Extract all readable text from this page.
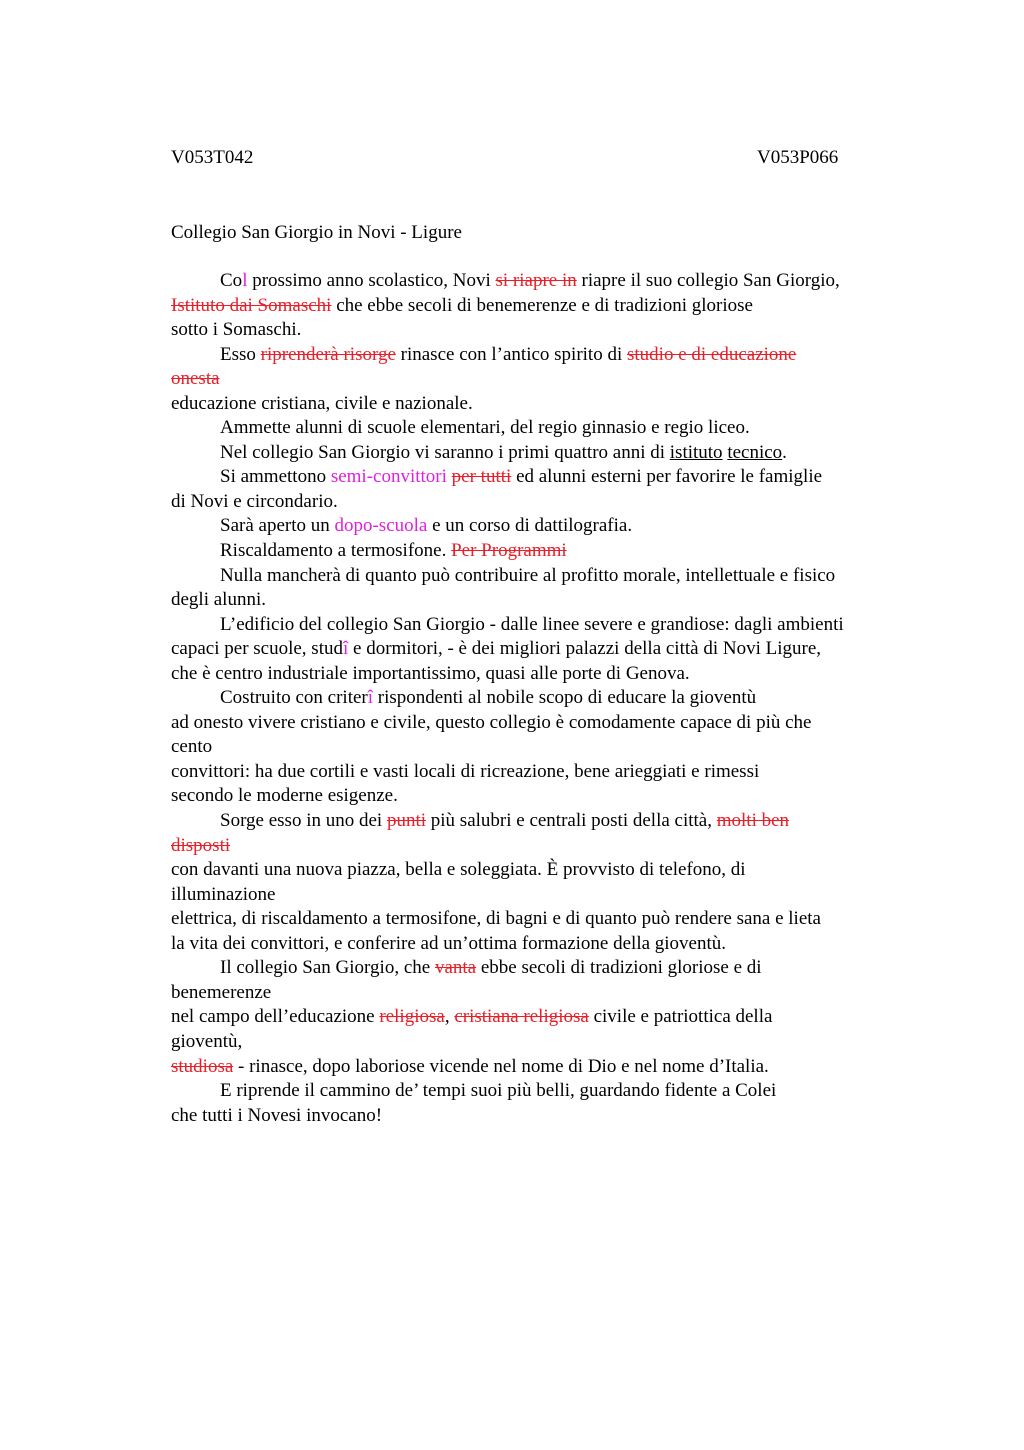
V053T042	V053P066
Collegio San Giorgio in Novi - Ligure
Col prossimo anno scolastico, Novi si riapre in riapre il suo collegio San Giorgio,
Istituto dai Somaschi che ebbe secoli di benemerenze e di tradizioni gloriose
sotto i Somaschi.
Esso riprenderà risorge rinasce con l’antico spirito di studio e di educazione
onesta
educazione cristiana, civile e nazionale.
Ammette alunni di scuole elementari, del regio ginnasio e regio liceo.
Nel collegio San Giorgio vi saranno i primi quattro anni di istituto tecnico.
Si ammettono semi-convittori per tutti ed alunni esterni per favorire le famiglie
di Novi e circondario.
Sarà aperto un dopo-scuola e un corso di dattilografia.
Riscaldamento a termosifone. Per Programmi
Nulla mancherà di quanto può contribuire al profitto morale, intellettuale e fisico
degli alunni.
L’edificio del collegio San Giorgio - dalle linee severe e grandiose: dagli ambienti
capaci per scuole, studî e dormitori, - è dei migliori palazzi della città di Novi Ligure,
che è centro industriale importantissimo, quasi alle porte di Genova.
Costruito con criterî rispondenti al nobile scopo di educare la gioventù
ad onesto vivere cristiano e civile, questo collegio è comodamente capace di più che
cento
convittori: ha due cortili e vasti locali di ricreazione, bene arieggiati e rimessi
secondo le moderne esigenze.
Sorge esso in uno dei punti più salubri e centrali posti della città, molti ben
disposti
con davanti una nuova piazza, bella e soleggiata. È provvisto di telefono, di
illuminazione
elettrica, di riscaldamento a termosifone, di bagni e di quanto può rendere sana e lieta
la vita dei convittori, e conferire ad un’ottima formazione della gioventù.
Il collegio San Giorgio, che vanta ebbe secoli di tradizioni gloriose e di
benemerenze
nel campo dell’educazione religiosa, cristiana religiosa civile e patriottica della
gioventù,
studiosa - rinasce, dopo laboriose vicende nel nome di Dio e nel nome d’Italia.
E riprende il cammino de’ tempi suoi più belli, guardando fidente a Colei
che tutti i Novesi invocano!
